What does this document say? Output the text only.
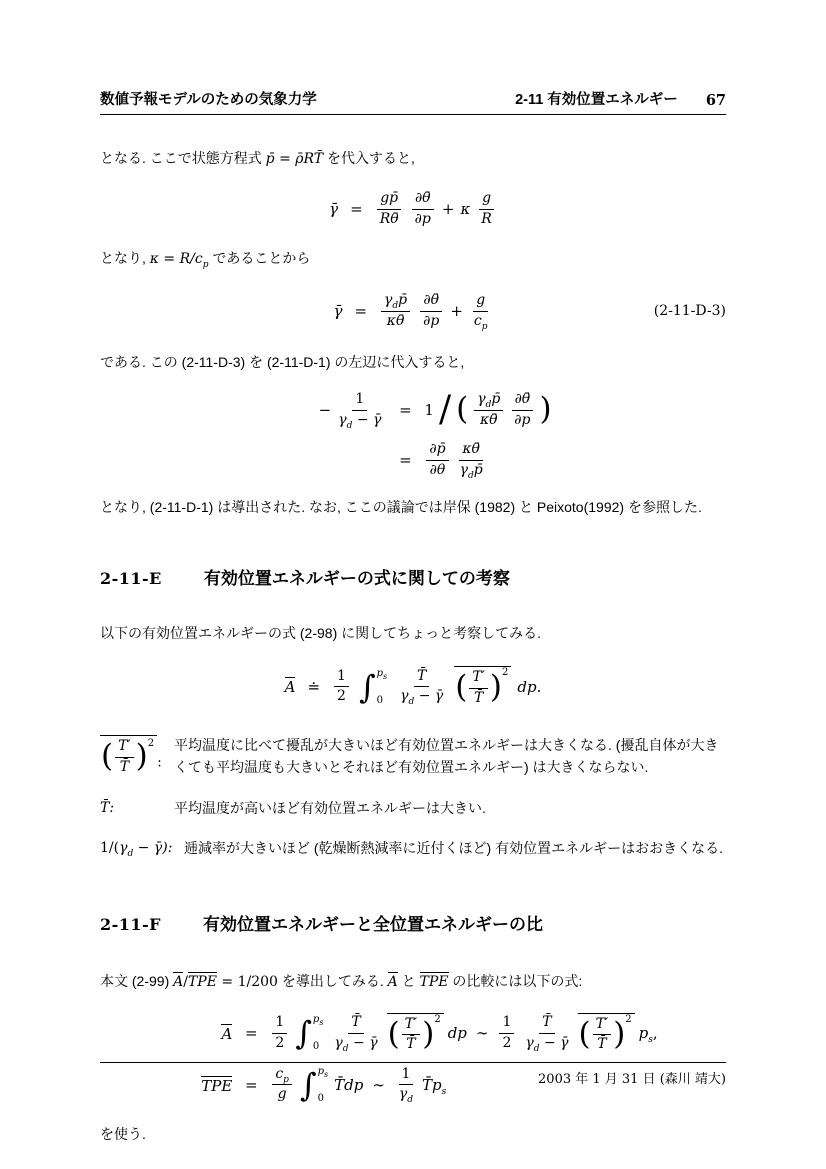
数値予報モデルのための気象力学	2-11 有効位置エネルギー 67

となる. ここで状態方程式 p̄ = ρ̄RT̄ を代入すると,

γ̄ =	$\frac{gp̄}{R\thetā} \frac{\partial\thetā}{\partial p} + \kappa \frac{g}{R}$

となり, $\kappa = R/c_p$ であることから

γ̄ =	$\frac{\gamma_dp̄}{\kappa\thetā} \frac{\partial\thetā}{\partial p} + \frac{g}{c_p}$	(2-11-D-3)

である. この (2-11-D-3) を (2-11-D-1) の左辺に代入すると,

− $\frac{1}{\gamma_d - \gammā} = 1$ / ( $\frac{\gamma_dp̄}{\kappa\thetā} \frac{\partial\thetā}{\partial p}$ )
=	$\frac{\partial p̄}{\partial\theta} \frac{\kappa\thetā}{\gamma_dp̄}$

となり, (2-11-D-1) は導出された. なお, ここの議論では岸保 (1982) と Peixoto(1992) を参照した.

2-11-E 有効位置エネルギーの式に関しての考察

以下の有効位置エネルギーの式 (2-98) に関してちょっと考察してみる.

A ≐	$\frac{1}{2}$ ∫ $p_s$
$0 \frac{T̄}{\gamma_d - \gammā}$ ( $\frac{T'}{T̄} )^2$
dp.
( $\frac{T'}{T̄} )^2$
:
平均温度に比べて擾乱が大きいほど有効位置エネルギーは大きくなる. (擾乱自体が大きくても平均温度も大きいとそれほど有効位置エネルギー) は大きくならない.
T̄:	平均温度が高いほど有効位置エネルギーは大きい.
$1/(\gamma_d$ − γ̄): 逓減率が大きいほど (乾燥断熱減率に近付くほど) 有効位置エネルギーはおおきくなる.
2-11-F 有効位置エネルギーと全位置エネルギーの比

本文 (2-99) A/TPE = 1/200 を導出してみる. A と TPE の比較には以下の式:

A =	$\frac{1}{2}$ ∫ $p_s$
$0 \frac{T̄}{\gamma_d - \gammā}$ ( $\frac{T'}{T̄} )^2$
dp ∼ $\frac{1}{2} \frac{T̄}{\gamma_d - \gammā}$ ( $\frac{T'}{T̄} )^2$
$p_s$,
TPE =	$\frac{c_p}{g}$ ∫ $p_s$
0
T̄dp ∼ $\frac{1}{\gamma_d}$ $T̄p_s$

を使う.

2003 年 1 月 31 日 (森川 靖大)
